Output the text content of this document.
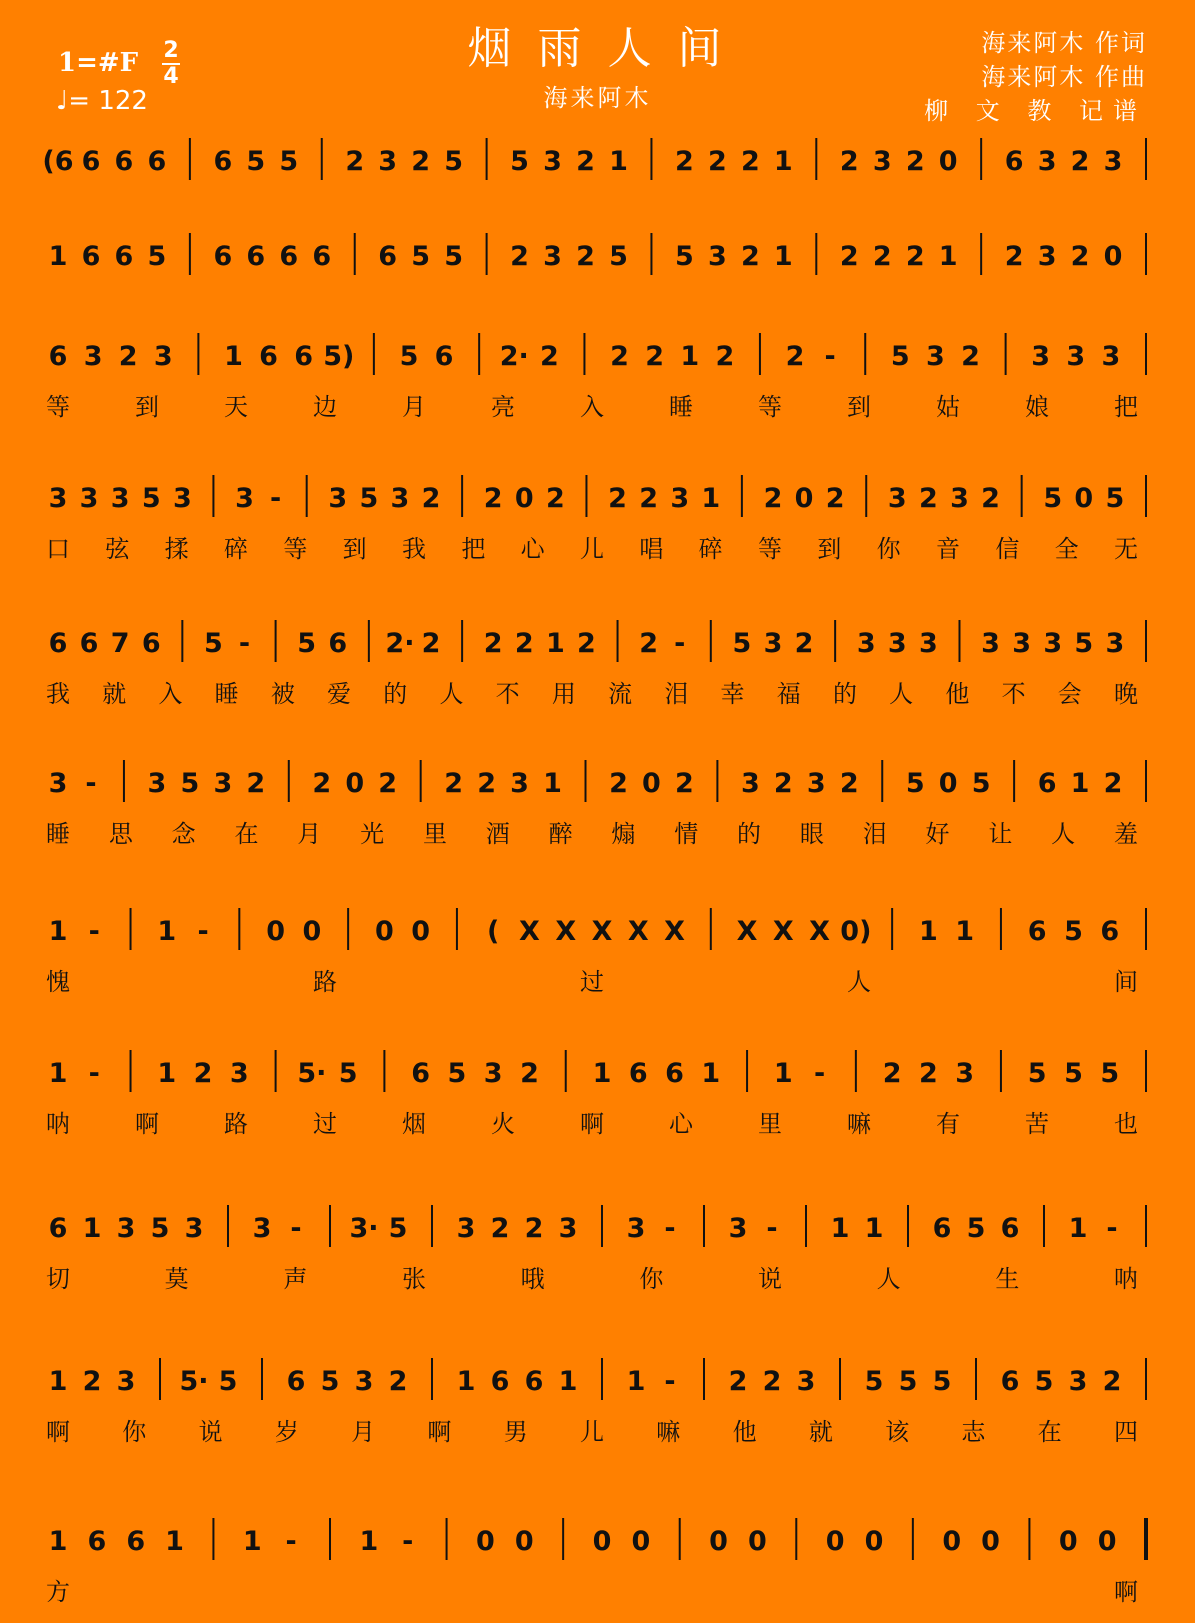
烟雨人间
海来阿木
海来阿木 作词
海来阿木 作曲
柳 文 教 记谱
1=#F 2
4
♩= 122
(6 6 6 6 6 5 5 2 3 2 5 5 3 2 1 2 2 2 1 2 3 2 0 6 3 2 3
1 6 6 5 6 6 6 6 6 5 5 2 3 2 5 5 3 2 1 2 2 2 1 2 3 2 0
6 3 2 3 1 6 6 5) 5 6 2· 2 2 2 1 2 2 - 5 3 2 3 3 3
等	到	天	边	月	亮	入	睡	等	到	姑	娘	把
3 3 3 5 3 3 - 3 5 3 2 2 0 2 2 2 3 1 2 0 2 3 2 3 2 5 0 5
口 弦 揉 碎 等 到 我 把 心 儿 唱 碎 等 到 你 音 信 全 无
6 6 7 6 5 - 5 6 2· 2 2 2 1 2 2 - 5 3 2 3 3 3 3 3 3 5 3
我 就 入 睡 被 爱 的 人 不 用 流 泪 幸 福 的 人 他 不 会 晚
3 - 3 5 3 2 2 0 2 2 2 3 1 2 0 2 3 2 3 2 5 0 5 6 1 2
睡 思 念 在 月 光 里 酒 醉 煽 情 的 眼 泪 好 让 人 羞
1 - 1 - 0 0 0 0 ( X X X X X X X X 0) 1 1 6 5 6
愧	路	过	人	间
1 - 1 2 3 5· 5 6 5 3 2 1 6 6 1 1 - 2 2 3 5 5 5
呐	啊	路	过	烟	火	啊	心	里	嘛	有	苦	也
6 1 3 5 3 3 - 3· 5 3 2 2 3 3 - 3 - 1 1 6 5 6 1 -
切	莫	声	张	哦	你	说	人	生	呐
1 2 3 5· 5 6 5 3 2 1 6 6 1 1 - 2 2 3 5 5 5 6 5 3 2
啊 你 说 岁 月 啊 男 儿 嘛 他 就 该 志 在 四
1 6 6 1 1 - 1 - 0 0 0 0 0 0 0 0 0 0 0 0
方	啊
